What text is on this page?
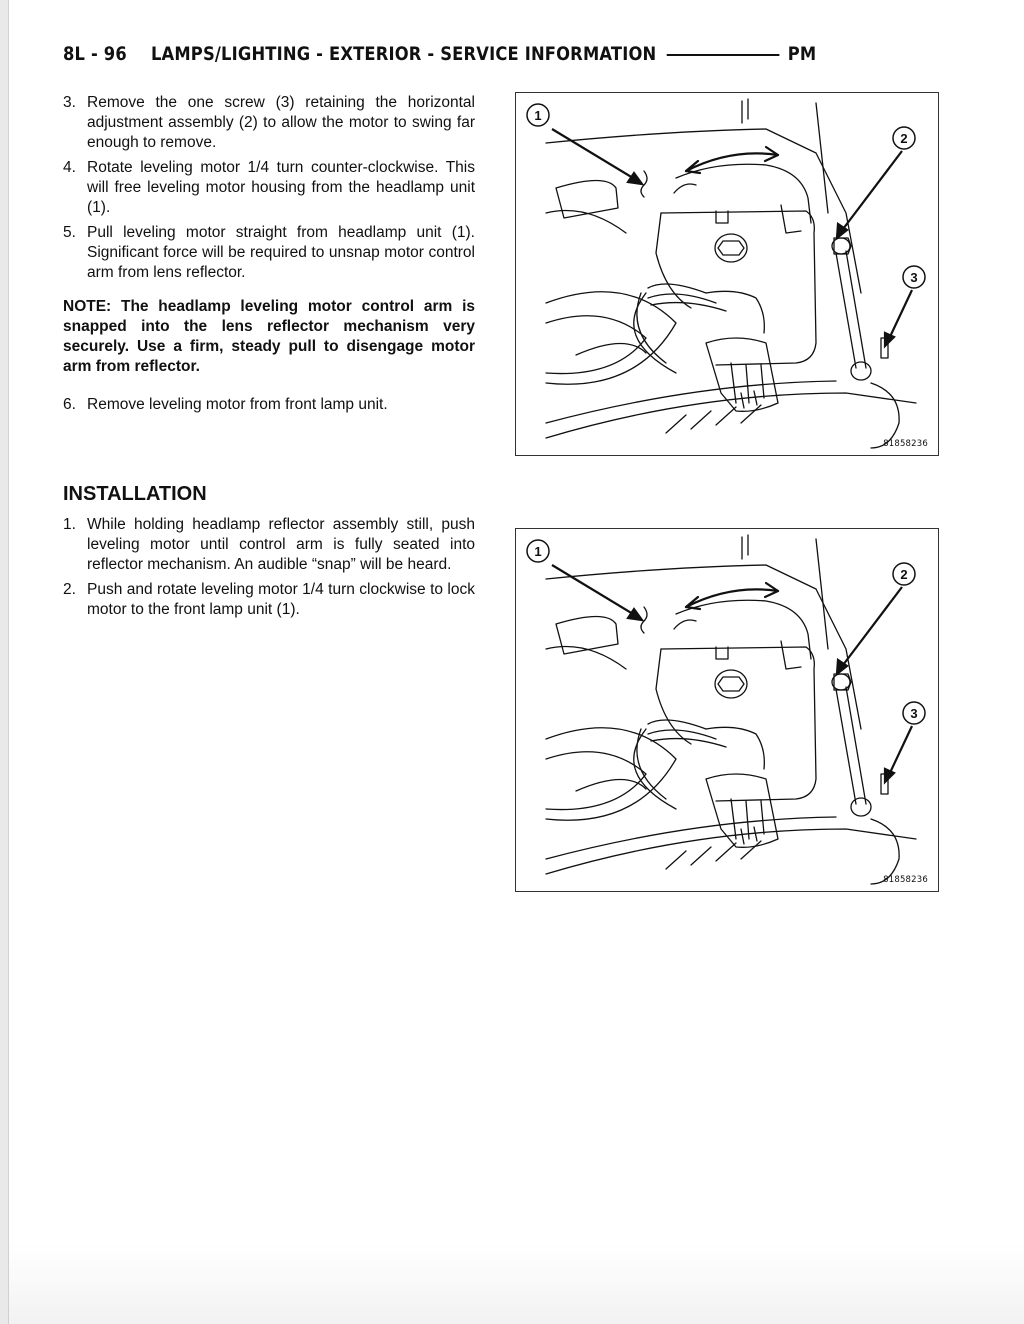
8L - 96 LAMPS/LIGHTING - EXTERIOR - SERVICE INFORMATION	PM
3. Remove the one screw (3) retaining the horizontal adjustment assembly (2) to allow the motor to swing far enough to remove.
4. Rotate leveling motor 1/4 turn counter-clockwise. This will free leveling motor housing from the headlamp unit (1).
5. Pull leveling motor straight from headlamp unit (1). Significant force will be required to unsnap motor control arm from lens reflector.
NOTE: The headlamp leveling motor control arm is snapped into the lens reflector mechanism very securely. Use a firm, steady pull to disengage motor arm from reflector.
6. Remove leveling motor from front lamp unit.
INSTALLATION
1. While holding headlamp reflector assembly still, push leveling motor until control arm is fully seated into reflector mechanism. An audible “snap” will be heard.
2. Push and rotate leveling motor 1/4 turn clockwise to lock motor to the front lamp unit (1).
1
2
3
81858236
1
2
3
81858236
